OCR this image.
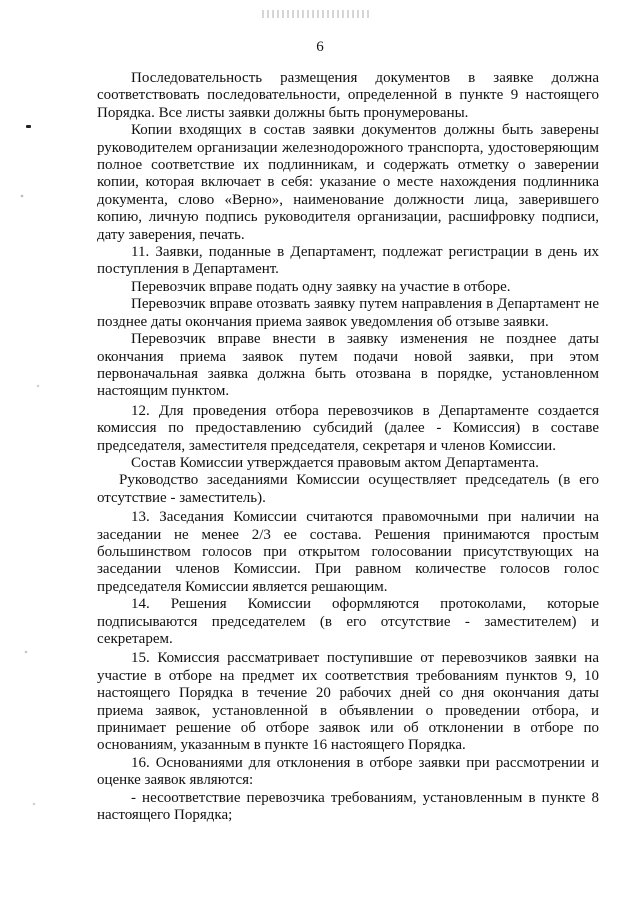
6

Последовательность размещения документов в заявке должна соответствовать последовательности, определенной в пункте 9 настоящего Порядка. Все листы заявки должны быть пронумерованы.

Копии входящих в состав заявки документов должны быть заверены руководителем организации железнодорожного транспорта, удостоверяющим полное соответствие их подлинникам, и содержать отметку о заверении копии, которая включает в себя: указание о месте нахождения подлинника документа, слово «Верно», наименование должности лица, заверившего копию, личную подпись руководителя организации, расшифровку подписи, дату заверения, печать.

11. Заявки, поданные в Департамент, подлежат регистрации в день их поступления в Департамент.

Перевозчик вправе подать одну заявку на участие в отборе.

Перевозчик вправе отозвать заявку путем направления в Департамент не позднее даты окончания приема заявок уведомления об отзыве заявки.

Перевозчик вправе внести в заявку изменения не позднее даты окончания приема заявок путем подачи новой заявки, при этом первоначальная заявка должна быть отозвана в порядке, установленном настоящим пунктом.

12. Для проведения отбора перевозчиков в Департаменте создается комиссия по предоставлению субсидий (далее - Комиссия) в составе председателя, заместителя председателя, секретаря и членов Комиссии.

Состав Комиссии утверждается правовым актом Департамента.

Руководство заседаниями Комиссии осуществляет председатель (в его отсутствие - заместитель).

13. Заседания Комиссии считаются правомочными при наличии на заседании не менее 2/3 ее состава. Решения принимаются простым большинством голосов при открытом голосовании присутствующих на заседании членов Комиссии. При равном количестве голосов голос председателя Комиссии является решающим.

14. Решения Комиссии оформляются протоколами, которые подписываются председателем (в его отсутствие - заместителем) и секретарем.

15. Комиссия рассматривает поступившие от перевозчиков заявки на участие в отборе на предмет их соответствия требованиям пунктов 9, 10 настоящего Порядка в течение 20 рабочих дней со дня окончания даты приема заявок, установленной в объявлении о проведении отбора, и принимает решение об отборе заявок или об отклонении в отборе по основаниям, указанным в пункте 16 настоящего Порядка.

16. Основаниями для отклонения в отборе заявки при рассмотрении и оценке заявок являются:

- несоответствие перевозчика требованиям, установленным в пункте 8 настоящего Порядка;
